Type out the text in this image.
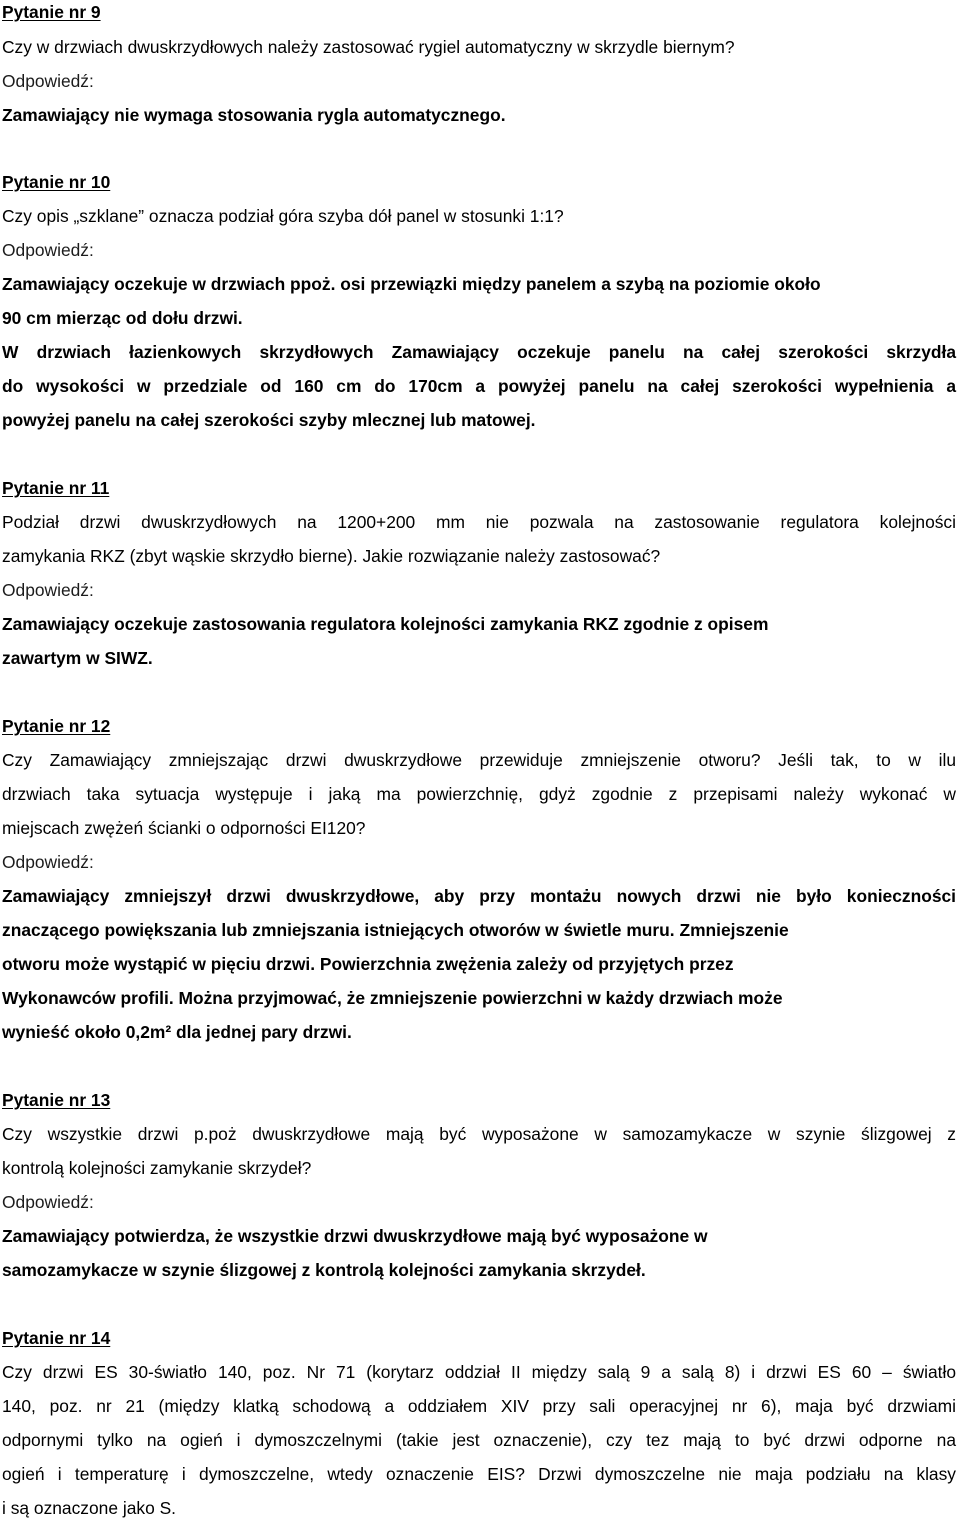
Pytanie nr 9
Czy w drzwiach dwuskrzydłowych należy zastosować rygiel automatyczny w skrzydle biernym?
Odpowiedź:
Zamawiający nie wymaga stosowania rygla automatycznego.
Pytanie nr 10
Czy opis „szklane” oznacza podział góra szyba dół panel w stosunki 1:1?
Odpowiedź:
Zamawiający oczekuje w drzwiach ppoż. osi przewiązki między panelem a szybą na poziomie około
90 cm mierząc od dołu drzwi.
W drzwiach łazienkowych skrzydłowych Zamawiający oczekuje panelu na całej szerokości skrzydła
do wysokości w przedziale od 160 cm do 170cm a powyżej panelu na całej szerokości wypełnienia a
powyżej panelu na całej szerokości szyby mlecznej lub matowej.
Pytanie nr 11
Podział drzwi dwuskrzydłowych na 1200+200 mm nie pozwala na zastosowanie regulatora kolejności
zamykania RKZ (zbyt wąskie skrzydło bierne). Jakie rozwiązanie należy zastosować?
Odpowiedź:
Zamawiający oczekuje zastosowania regulatora kolejności zamykania RKZ zgodnie z opisem
zawartym w SIWZ.
Pytanie nr 12
Czy Zamawiający zmniejszając drzwi dwuskrzydłowe przewiduje zmniejszenie otworu? Jeśli tak, to w ilu
drzwiach taka sytuacja występuje i jaką ma powierzchnię, gdyż zgodnie z przepisami należy wykonać w
miejscach zwężeń ścianki o odporności EI120?
Odpowiedź:
Zamawiający zmniejszył drzwi dwuskrzydłowe, aby przy montażu nowych drzwi nie było konieczności
znaczącego powiększania lub zmniejszania istniejących otworów w świetle muru. Zmniejszenie
otworu może wystąpić w pięciu drzwi. Powierzchnia zwężenia zależy od przyjętych przez
Wykonawców profili. Można przyjmować, że zmniejszenie powierzchni w każdy drzwiach może
wynieść około 0,2m² dla jednej pary drzwi.
Pytanie nr 13
Czy wszystkie drzwi p.poż dwuskrzydłowe mają być wyposażone w samozamykacze w szynie ślizgowej z
kontrolą kolejności zamykanie skrzydeł?
Odpowiedź:
Zamawiający potwierdza, że wszystkie drzwi dwuskrzydłowe mają być wyposażone w
samozamykacze w szynie ślizgowej z kontrolą kolejności zamykania skrzydeł.
Pytanie nr 14
Czy drzwi ES 30-światło 140, poz. Nr 71 (korytarz oddział II między salą 9 a salą 8) i drzwi ES 60 – światło
140, poz. nr 21 (między klatką schodową a oddziałem XIV przy sali operacyjnej nr 6), maja być drzwiami
odpornymi tylko na ogień i dymoszczelnymi (takie jest oznaczenie), czy tez mają to być drzwi odporne na
ogień i temperaturę i dymoszczelne, wtedy oznaczenie EIS? Drzwi dymoszczelne nie maja podziału na klasy
i są oznaczone jako S.
